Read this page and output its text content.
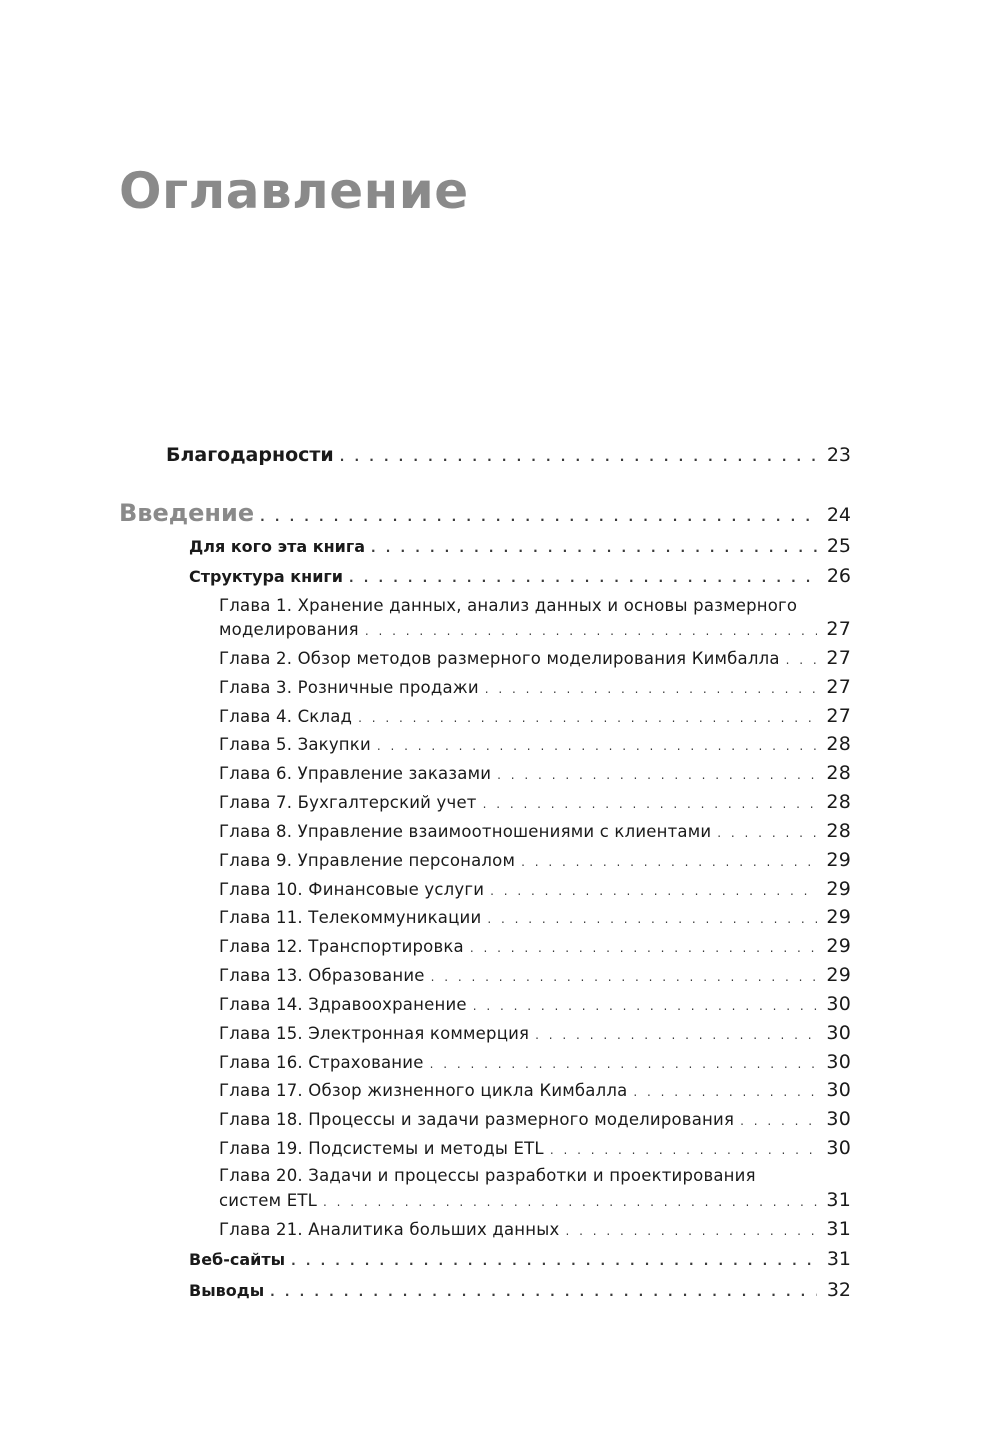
Оглавление
Благодарности . . .	23
Введение . . .	24
Для кого эта книга . . .	25
Структура книги . . .	26
Глава 1. Хранение данных, анализ данных и основы размерного
моделирования . . .	27
Глава 2. Обзор методов размерного моделирования Кимбалла . . .	27
Глава 3. Розничные продажи . . .	27
Глава 4. Склад . . .	27
Глава 5. Закупки . . .	28
Глава 6. Управление заказами . . .	28
Глава 7. Бухгалтерский учет . . .	28
Глава 8. Управление взаимоотношениями с клиентами . . .	28
Глава 9. Управление персоналом . . .	29
Глава 10. Финансовые услуги . . .	29
Глава 11. Телекоммуникации . . .	29
Глава 12. Транспортировка . . .	29
Глава 13. Образование . . .	29
Глава 14. Здравоохранение . . .	30
Глава 15. Электронная коммерция . . .	30
Глава 16. Страхование . . .	30
Глава 17. Обзор жизненного цикла Кимбалла . . .	30
Глава 18. Процессы и задачи размерного моделирования . . .	30
Глава 19. Подсистемы и методы ETL . . .	30
Глава 20. Задачи и процессы разработки и проектирования
систем ETL . . .	31
Глава 21. Аналитика больших данных . . .	31
Веб-сайты . . .	31
Выводы . . .	32
